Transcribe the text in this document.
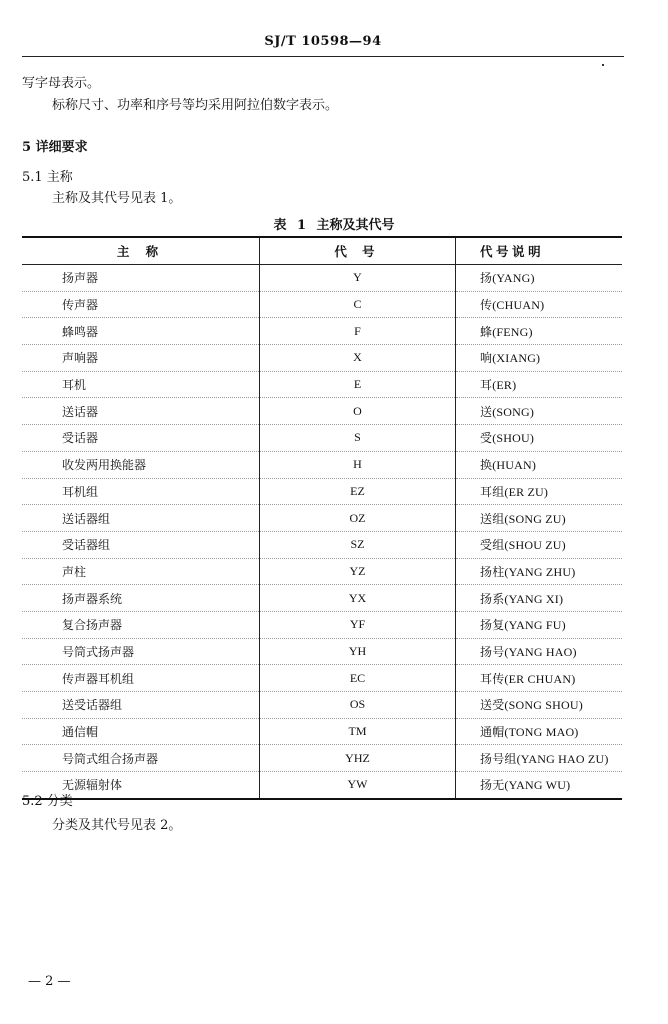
SJ/T 10598—94
写字母表示。
标称尺寸、功率和序号等均采用阿拉伯数字表示。
5 详细要求
5.1 主称
主称及其代号见表 1。
表 1 主称及其代号
主 称	代 号	代 号 说 明
扬声器	Y	扬(YANG)
传声器	C	传(CHUAN)
蜂鸣器	F	蜂(FENG)
声响器	X	响(XIANG)
耳机	E	耳(ER)
送话器	O	送(SONG)
受话器	S	受(SHOU)
收发两用换能器	H	换(HUAN)
耳机组	EZ	耳组(ER ZU)
送话器组	OZ	送组(SONG ZU)
受话器组	SZ	受组(SHOU ZU)
声柱	YZ	扬柱(YANG ZHU)
扬声器系统	YX	扬系(YANG XI)
复合扬声器	YF	扬复(YANG FU)
号筒式扬声器	YH	扬号(YANG HAO)
传声器耳机组	EC	耳传(ER CHUAN)
送受话器组	OS	送受(SONG SHOU)
通信帽	TM	通帽(TONG MAO)
号筒式组合扬声器	YHZ	扬号组(YANG HAO ZU)
无源辐射体	YW	扬无(YANG WU)
5.2 分类
分类及其代号见表 2。
— 2 —
